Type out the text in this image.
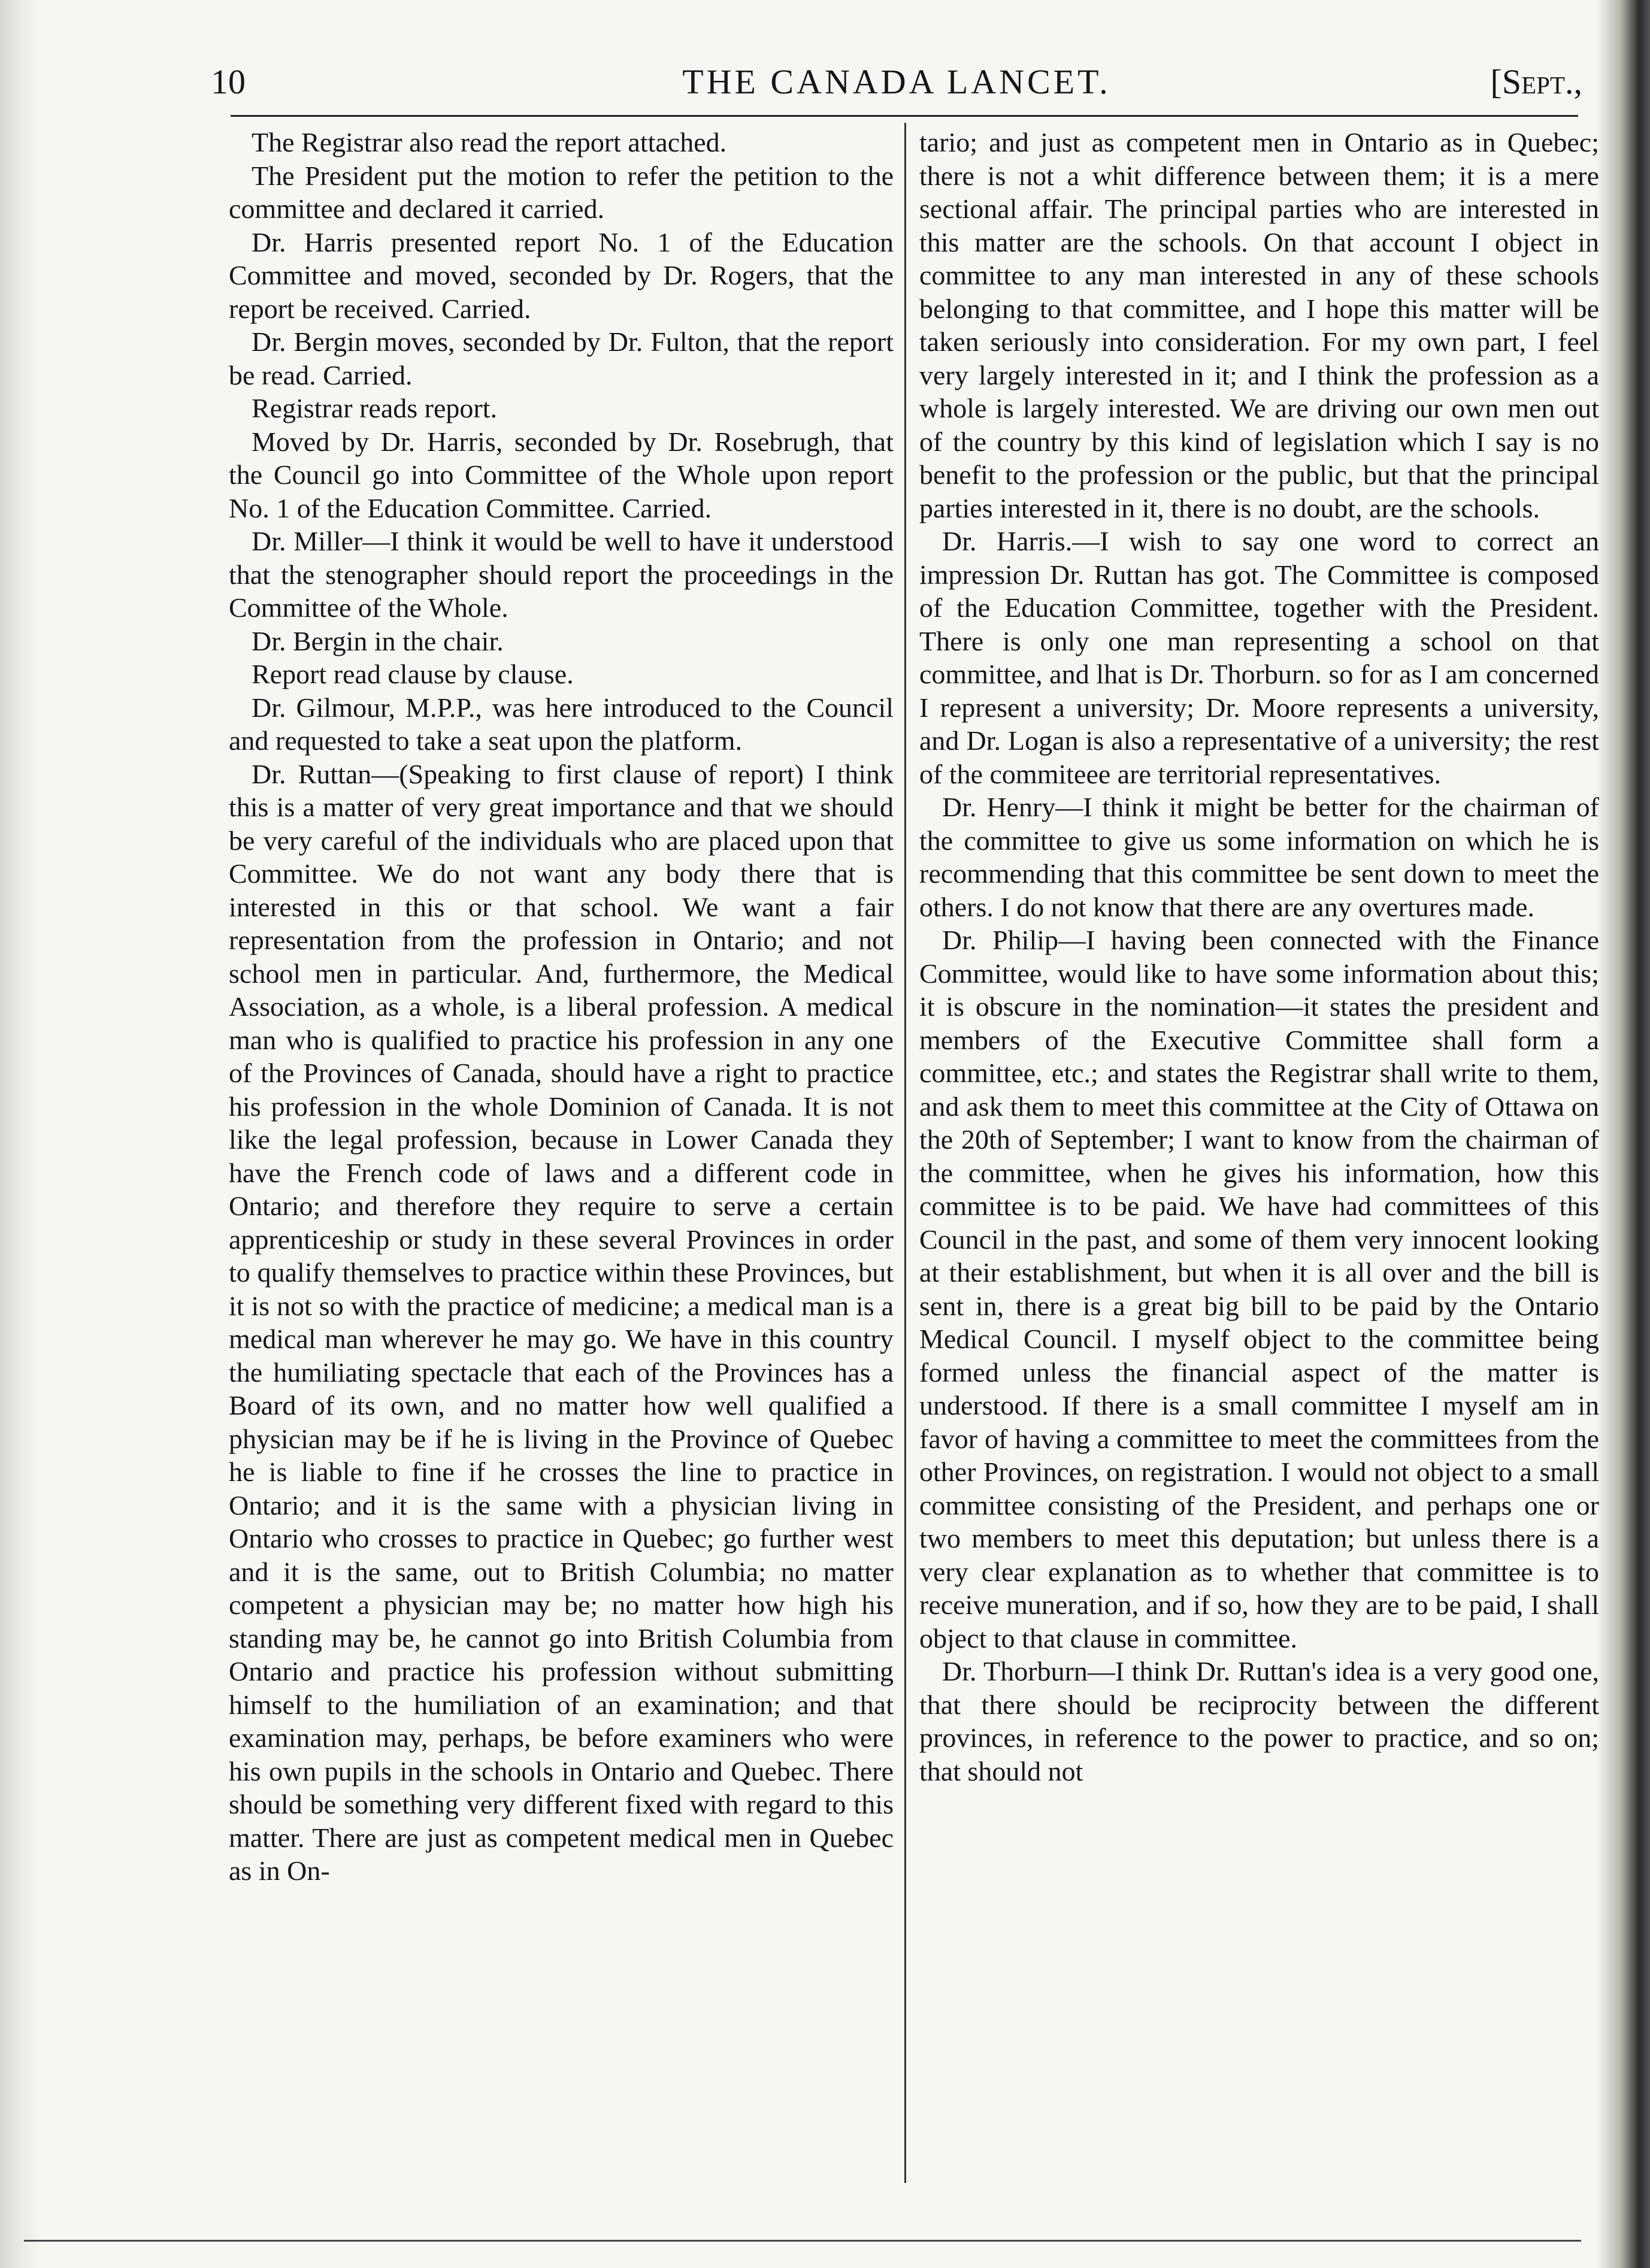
10	THE CANADA LANCET.	[Sept.,

The Registrar also read the report attached.

The President put the motion to refer the petition to the committee and declared it carried.

Dr. Harris presented report No. 1 of the Education Committee and moved, seconded by Dr. Rogers, that the report be received. Carried.

Dr. Bergin moves, seconded by Dr. Fulton, that the report be read. Carried.

Registrar reads report.

Moved by Dr. Harris, seconded by Dr. Rosebrugh, that the Council go into Committee of the Whole upon report No. 1 of the Education Committee. Carried.

Dr. Miller—I think it would be well to have it understood that the stenographer should report the proceedings in the Committee of the Whole.

Dr. Bergin in the chair.

Report read clause by clause.

Dr. Gilmour, M.P.P., was here introduced to the Council and requested to take a seat upon the platform.

Dr. Ruttan—(Speaking to first clause of report) I think this is a matter of very great importance and that we should be very careful of the individuals who are placed upon that Committee. We do not want any body there that is interested in this or that school. We want a fair representation from the profession in Ontario; and not school men in particular. And, furthermore, the Medical Association, as a whole, is a liberal profession. A medical man who is qualified to practice his profession in any one of the Provinces of Canada, should have a right to practice his profession in the whole Dominion of Canada. It is not like the legal profession, because in Lower Canada they have the French code of laws and a different code in Ontario; and therefore they require to serve a certain apprenticeship or study in these several Provinces in order to qualify themselves to practice within these Provinces, but it is not so with the practice of medicine; a medical man is a medical man wherever he may go. We have in this country the humiliating spectacle that each of the Provinces has a Board of its own, and no matter how well qualified a physician may be if he is living in the Province of Quebec he is liable to fine if he crosses the line to practice in Ontario; and it is the same with a physician living in Ontario who crosses to practice in Quebec; go further west and it is the same, out to British Columbia; no matter competent a physician may be; no matter how high his standing may be, he cannot go into British Columbia from Ontario and practice his profession without submitting himself to the humiliation of an examination; and that examination may, perhaps, be before examiners who were his own pupils in the schools in Ontario and Quebec. There should be something very different fixed with regard to this matter. There are just as competent medical men in Quebec as in On-

tario; and just as competent men in Ontario as in Quebec; there is not a whit difference between them; it is a mere sectional affair. The principal parties who are interested in this matter are the schools. On that account I object in committee to any man interested in any of these schools belonging to that committee, and I hope this matter will be taken seriously into consideration. For my own part, I feel very largely interested in it; and I think the profession as a whole is largely interested. We are driving our own men out of the country by this kind of legislation which I say is no benefit to the profession or the public, but that the principal parties interested in it, there is no doubt, are the schools.

Dr. Harris.—I wish to say one word to correct an impression Dr. Ruttan has got. The Committee is composed of the Education Committee, together with the President. There is only one man representing a school on that committee, and lhat is Dr. Thorburn. so for as I am concerned I represent a university; Dr. Moore represents a university, and Dr. Logan is also a representative of a university; the rest of the commiteee are territorial representatives.

Dr. Henry—I think it might be better for the chairman of the committee to give us some information on which he is recommending that this committee be sent down to meet the others. I do not know that there are any overtures made.

Dr. Philip—I having been connected with the Finance Committee, would like to have some information about this; it is obscure in the nomination—it states the president and members of the Executive Committee shall form a committee, etc.; and states the Registrar shall write to them, and ask them to meet this committee at the City of Ottawa on the 20th of September; I want to know from the chairman of the committee, when he gives his information, how this committee is to be paid. We have had committees of this Council in the past, and some of them very innocent looking at their establishment, but when it is all over and the bill is sent in, there is a great big bill to be paid by the Ontario Medical Council. I myself object to the committee being formed unless the financial aspect of the matter is understood. If there is a small committee I myself am in favor of having a committee to meet the committees from the other Provinces, on registration. I would not object to a small committee consisting of the President, and perhaps one or two members to meet this deputation; but unless there is a very clear explanation as to whether that committee is to receive muneration, and if so, how they are to be paid, I shall object to that clause in committee.

Dr. Thorburn—I think Dr. Ruttan's idea is a very good one, that there should be reciprocity between the different provinces, in reference to the power to practice, and so on; that should not
